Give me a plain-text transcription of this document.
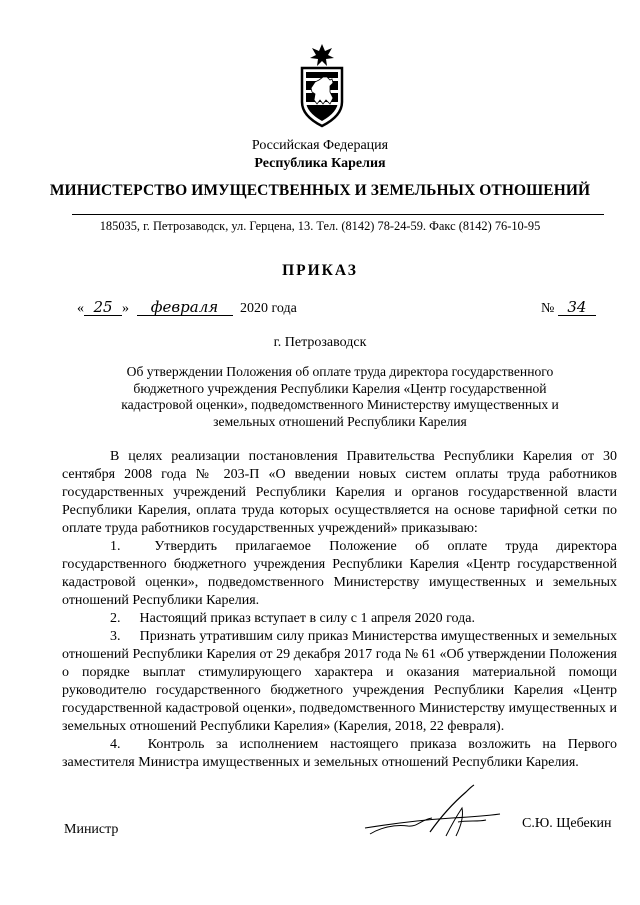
Российская Федерация
Республика Карелия
МИНИСТЕРСТВО ИМУЩЕСТВЕННЫХ И ЗЕМЕЛЬНЫХ ОТНОШЕНИЙ
185035, г. Петрозаводск, ул. Герцена, 13. Тел. (8142) 78-24-59. Факс (8142) 76-10-95
ПРИКАЗ
« 25 » февраля 2020 года	№ 34
г. Петрозаводск
Об утверждении Положения об оплате труда директора государственного бюджетного учреждения Республики Карелия «Центр государственной кадастровой оценки», подведомственного Министерству имущественных и земельных отношений Республики Карелия

В целях реализации постановления Правительства Республики Карелия от 30 сентября 2008 года № 203-П «О введении новых систем оплаты труда работников государственных учреждений Республики Карелия и органов государственной власти Республики Карелия, оплата труда которых осуществляется на основе тарифной сетки по оплате труда работников государственных учреждений» приказываю:

1. Утвердить прилагаемое Положение об оплате труда директора государственного бюджетного учреждения Республики Карелия «Центр государственной кадастровой оценки», подведомственного Министерству имущественных и земельных отношений Республики Карелия.

2. Настоящий приказ вступает в силу с 1 апреля 2020 года.

3. Признать утратившим силу приказ Министерства имущественных и земельных отношений Республики Карелия от 29 декабря 2017 года № 61 «Об утверждении Положения о порядке выплат стимулирующего характера и оказания материальной помощи руководителю государственного бюджетного учреждения Республики Карелия «Центр государственной кадастровой оценки», подведомственного Министерству имущественных и земельных отношений Республики Карелия» (Карелия, 2018, 22 февраля).

4. Контроль за исполнением настоящего приказа возложить на Первого заместителя Министра имущественных и земельных отношений Республики Карелия.

Министр	С.Ю. Щебекин
